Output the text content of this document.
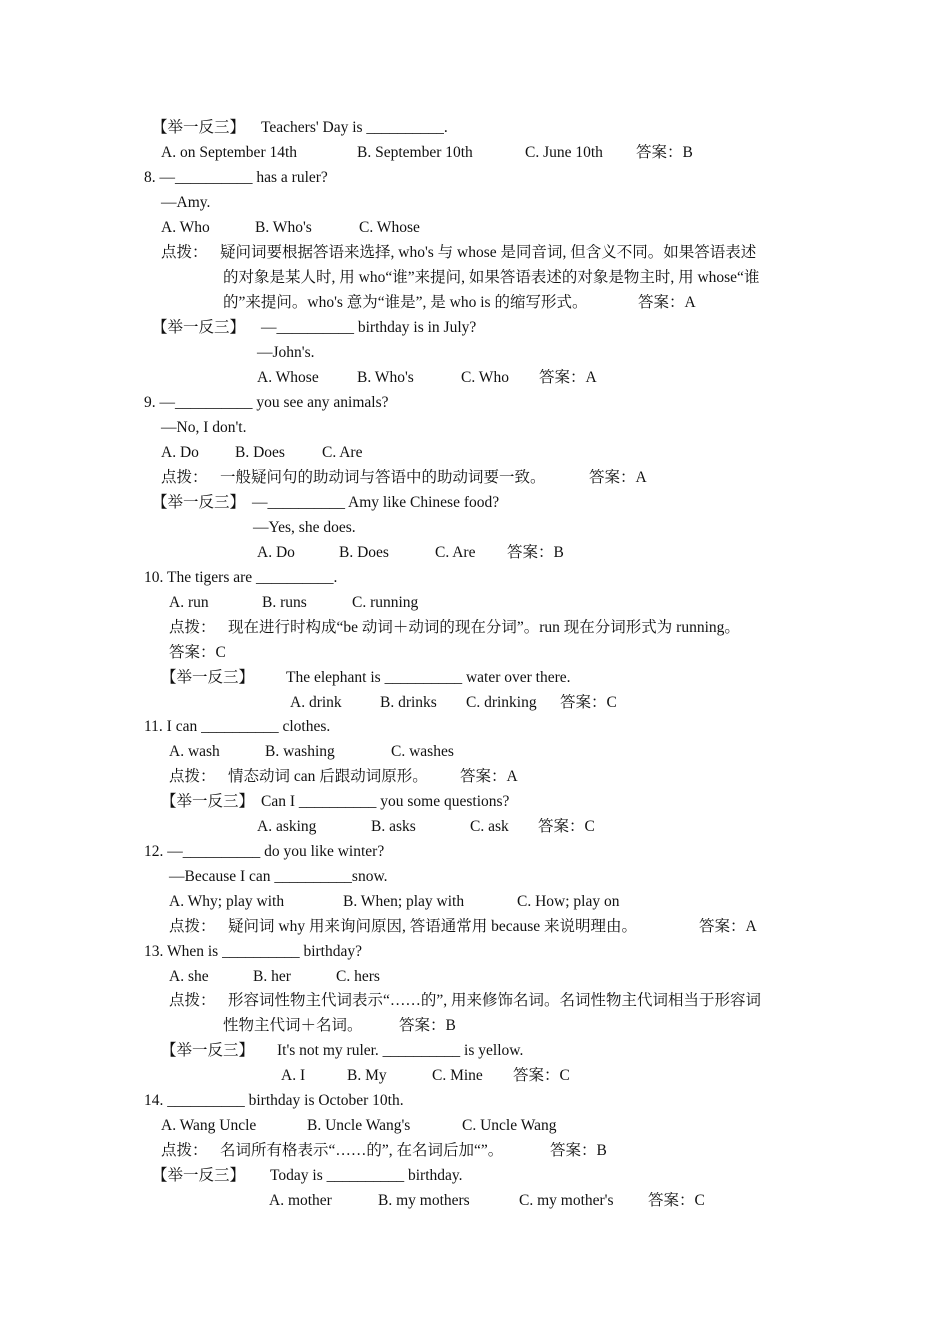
【举一反三】 Teachers' Day is __________.
A. on September 14th	B. September 10th	C. June 10th 答案：B
8. —__________ has a ruler?
—Amy.
A. Who	B. Who's	C. Whose
点拨： 疑问词要根据答语来选择, who's 与 whose 是同音词, 但含义不同。如果答语表述
的对象是某人时, 用 who“谁”来提问, 如果答语表述的对象是物主时, 用 whose“谁
的”来提问。who's 意为“谁是”, 是 who is 的缩写形式。	答案：A
【举一反三】 —__________ birthday is in July?
—John's.
A. Whose B. Who's	C. Who 答案：A
9. —__________ you see any animals?
—No, I don't.
A. Do B. Does C. Are
点拨： 一般疑问句的助动词与答语中的助动词要一致。	答案：A
【举一反三】 —__________ Amy like Chinese food?
—Yes, she does.
A. Do	B. Does	C. Are 答案：B
10. The tigers are __________.
A. run	B. runs	C. running
点拨： 现在进行时构成“be 动词＋动词的现在分词”。run 现在分词形式为 running。
答案：C
【举一反三】 The elephant is __________ water over there.
A. drink B. drinks C. drinking 答案：C
11. I can __________ clothes.
A. wash	B. washing	C. washes
点拨： 情态动词 can 后跟动词原形。 答案：A
【举一反三】 Can I __________ you some questions?
A. asking	B. asks	C. ask 答案：C
12. —__________ do you like winter?
—Because I can __________snow.
A. Why; play with	B. When; play with	C. How; play on
点拨： 疑问词 why 用来询问原因, 答语通常用 because 来说明理由。	答案：A
13. When is __________ birthday?
A. she	B. her	C. hers
点拨： 形容词性物主代词表示“……的”, 用来修饰名词。名词性物主代词相当于形容词
性物主代词＋名词。 答案：B
【举一反三】 It's not my ruler. __________ is yellow.
A. I	B. My	C. Mine 答案：C
14. __________ birthday is October 10th.
A. Wang Uncle	B. Uncle Wang's	C. Uncle Wang
点拨： 名词所有格表示“……的”, 在名词后加“”。	答案：B
【举一反三】 Today is __________ birthday.
A. mother	B. my mothers	C. my mother's 答案：C
